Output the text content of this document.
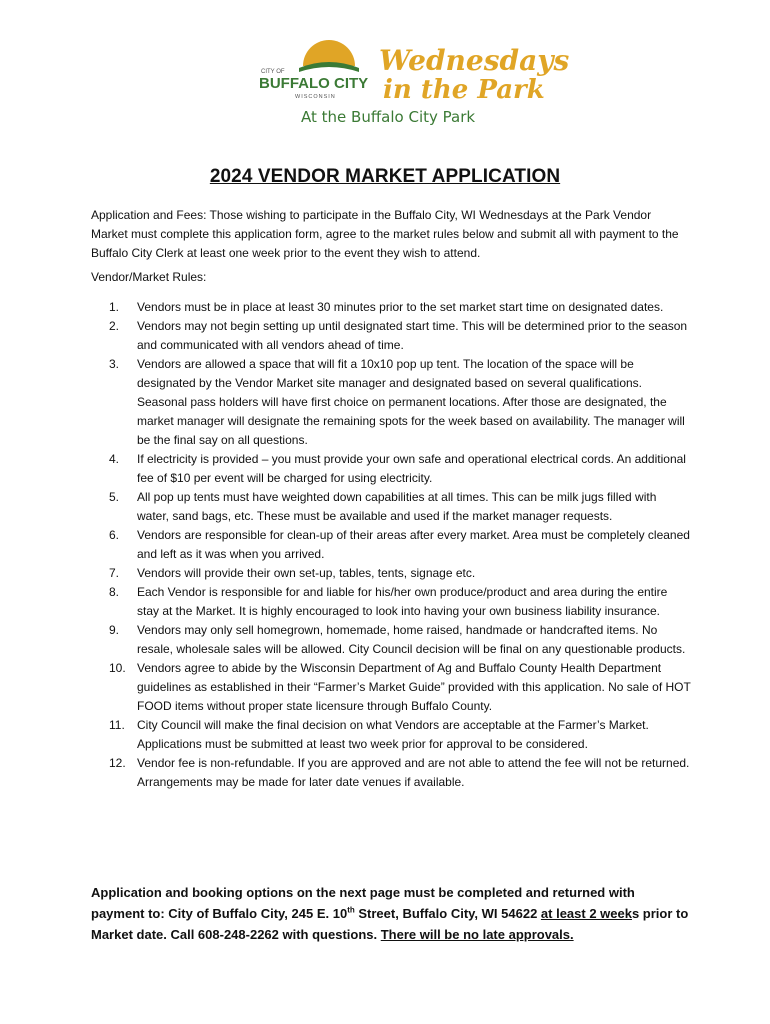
CITY OF
BUFFALO CITY
WISCONSIN
Wednesdays
in the Park
At the Buffalo City Park
2024 VENDOR MARKET APPLICATION
Application and Fees: Those wishing to participate in the Buffalo City, WI Wednesdays at the Park Vendor Market must complete this application form, agree to the market rules below and submit all with payment to the Buffalo City Clerk at least one week prior to the event they wish to attend.
Vendor/Market Rules:
1.	Vendors must be in place at least 30 minutes prior to the set market start time on designated dates.
2.	Vendors may not begin setting up until designated start time. This will be determined prior to the season and communicated with all vendors ahead of time.
3.	Vendors are allowed a space that will fit a 10x10 pop up tent. The location of the space will be designated by the Vendor Market site manager and designated based on several qualifications. Seasonal pass holders will have first choice on permanent locations. After those are designated, the market manager will designate the remaining spots for the week based on availability. The manager will be the final say on all questions.
4.	If electricity is provided – you must provide your own safe and operational electrical cords. An additional fee of $10 per event will be charged for using electricity.
5.	All pop up tents must have weighted down capabilities at all times. This can be milk jugs filled with water, sand bags, etc. These must be available and used if the market manager requests.
6.	Vendors are responsible for clean-up of their areas after every market. Area must be completely cleaned and left as it was when you arrived.
7.	Vendors will provide their own set-up, tables, tents, signage etc.
8.	Each Vendor is responsible for and liable for his/her own produce/product and area during the entire stay at the Market. It is highly encouraged to look into having your own business liability insurance.
9.	Vendors may only sell homegrown, homemade, home raised, handmade or handcrafted items. No resale, wholesale sales will be allowed. City Council decision will be final on any questionable products.
10. Vendors agree to abide by the Wisconsin Department of Ag and Buffalo County Health Department guidelines as established in their “Farmer’s Market Guide” provided with this application. No sale of HOT FOOD items without proper state licensure through Buffalo County.
11.	City Council will make the final decision on what Vendors are acceptable at the Farmer’s Market. Applications must be submitted at least two week prior for approval to be considered.
12. Vendor fee is non-refundable. If you are approved and are not able to attend the fee will not be returned. Arrangements may be made for later date venues if available.
Application and booking options on the next page must be completed and returned with payment to: City of Buffalo City, 245 E. 10th Street, Buffalo City, WI 54622 at least 2 weeks prior to Market date. Call 608-248-2262 with questions. There will be no late approvals.
